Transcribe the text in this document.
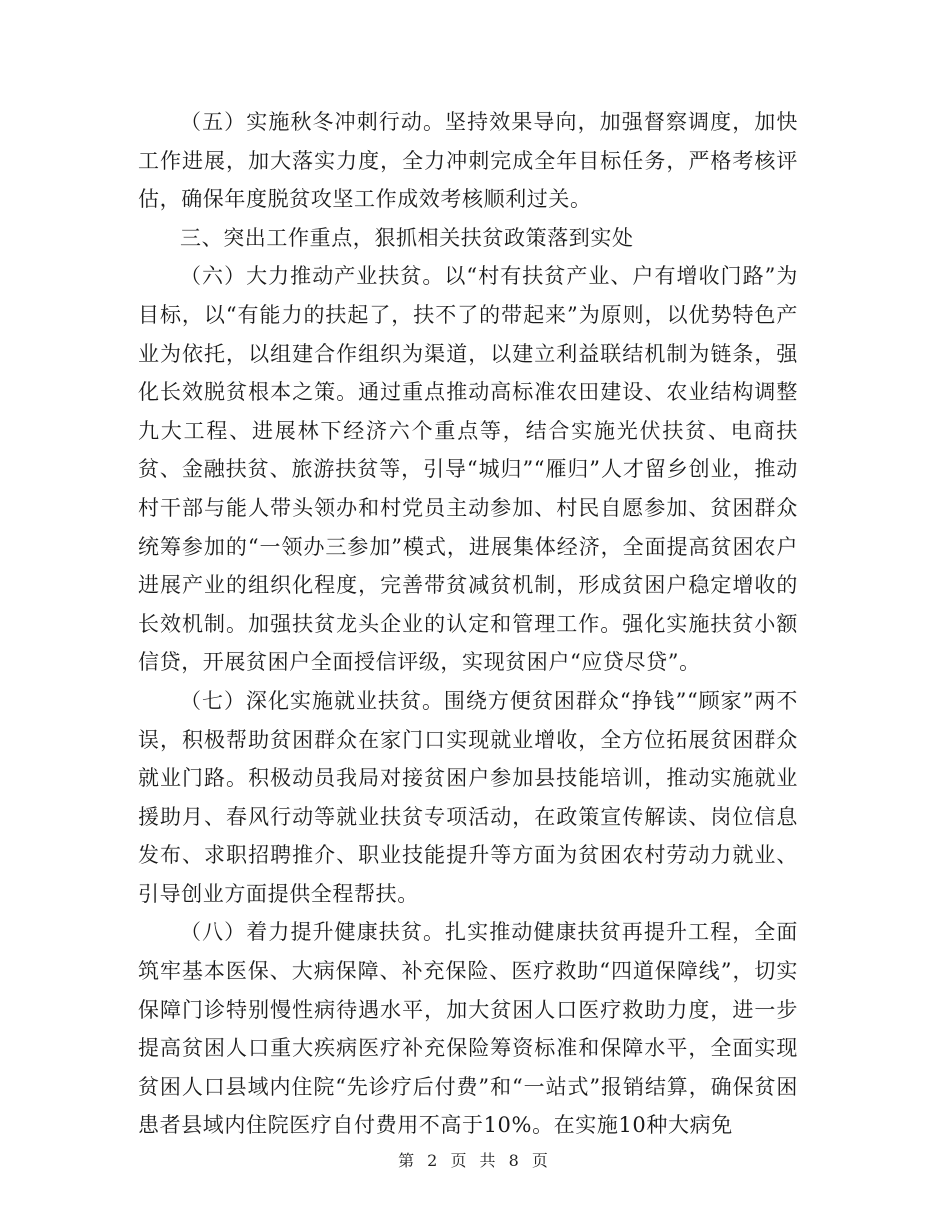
（五）实施秋冬冲刺行动。坚持效果导向，加强督察调度，加快工作进展，加大落实力度，全力冲刺完成全年目标任务，严格考核评估，确保年度脱贫攻坚工作成效考核顺利过关。

三、突出工作重点，狠抓相关扶贫政策落到实处

（六）大力推动产业扶贫。以“村有扶贫产业、户有增收门路”为目标，以“有能力的扶起了，扶不了的带起来”为原则，以优势特色产业为依托，以组建合作组织为渠道，以建立利益联结机制为链条，强化长效脱贫根本之策。通过重点推动高标准农田建设、农业结构调整九大工程、进展林下经济六个重点等，结合实施光伏扶贫、电商扶贫、金融扶贫、旅游扶贫等，引导“城归”“雁归”人才留乡创业，推动村干部与能人带头领办和村党员主动参加、村民自愿参加、贫困群众统筹参加的“一领办三参加”模式，进展集体经济，全面提高贫困农户进展产业的组织化程度，完善带贫减贫机制，形成贫困户稳定增收的长效机制。加强扶贫龙头企业的认定和管理工作。强化实施扶贫小额信贷，开展贫困户全面授信评级，实现贫困户“应贷尽贷”。

（七）深化实施就业扶贫。围绕方便贫困群众“挣钱”“顾家”两不误，积极帮助贫困群众在家门口实现就业增收，全方位拓展贫困群众就业门路。积极动员我局对接贫困户参加县技能培训，推动实施就业援助月、春风行动等就业扶贫专项活动，在政策宣传解读、岗位信息发布、求职招聘推介、职业技能提升等方面为贫困农村劳动力就业、引导创业方面提供全程帮扶。

（八）着力提升健康扶贫。扎实推动健康扶贫再提升工程，全面筑牢基本医保、大病保障、补充保险、医疗救助“四道保障线”，切实保障门诊特别慢性病待遇水平，加大贫困人口医疗救助力度，进一步提高贫困人口重大疾病医疗补充保险筹资标准和保障水平，全面实现贫困人口县域内住院“先诊疗后付费”和“一站式”报销结算，确保贫困患者县域内住院医疗自付费用不高于10%。在实施10种大病免

第 2 页 共 8 页
